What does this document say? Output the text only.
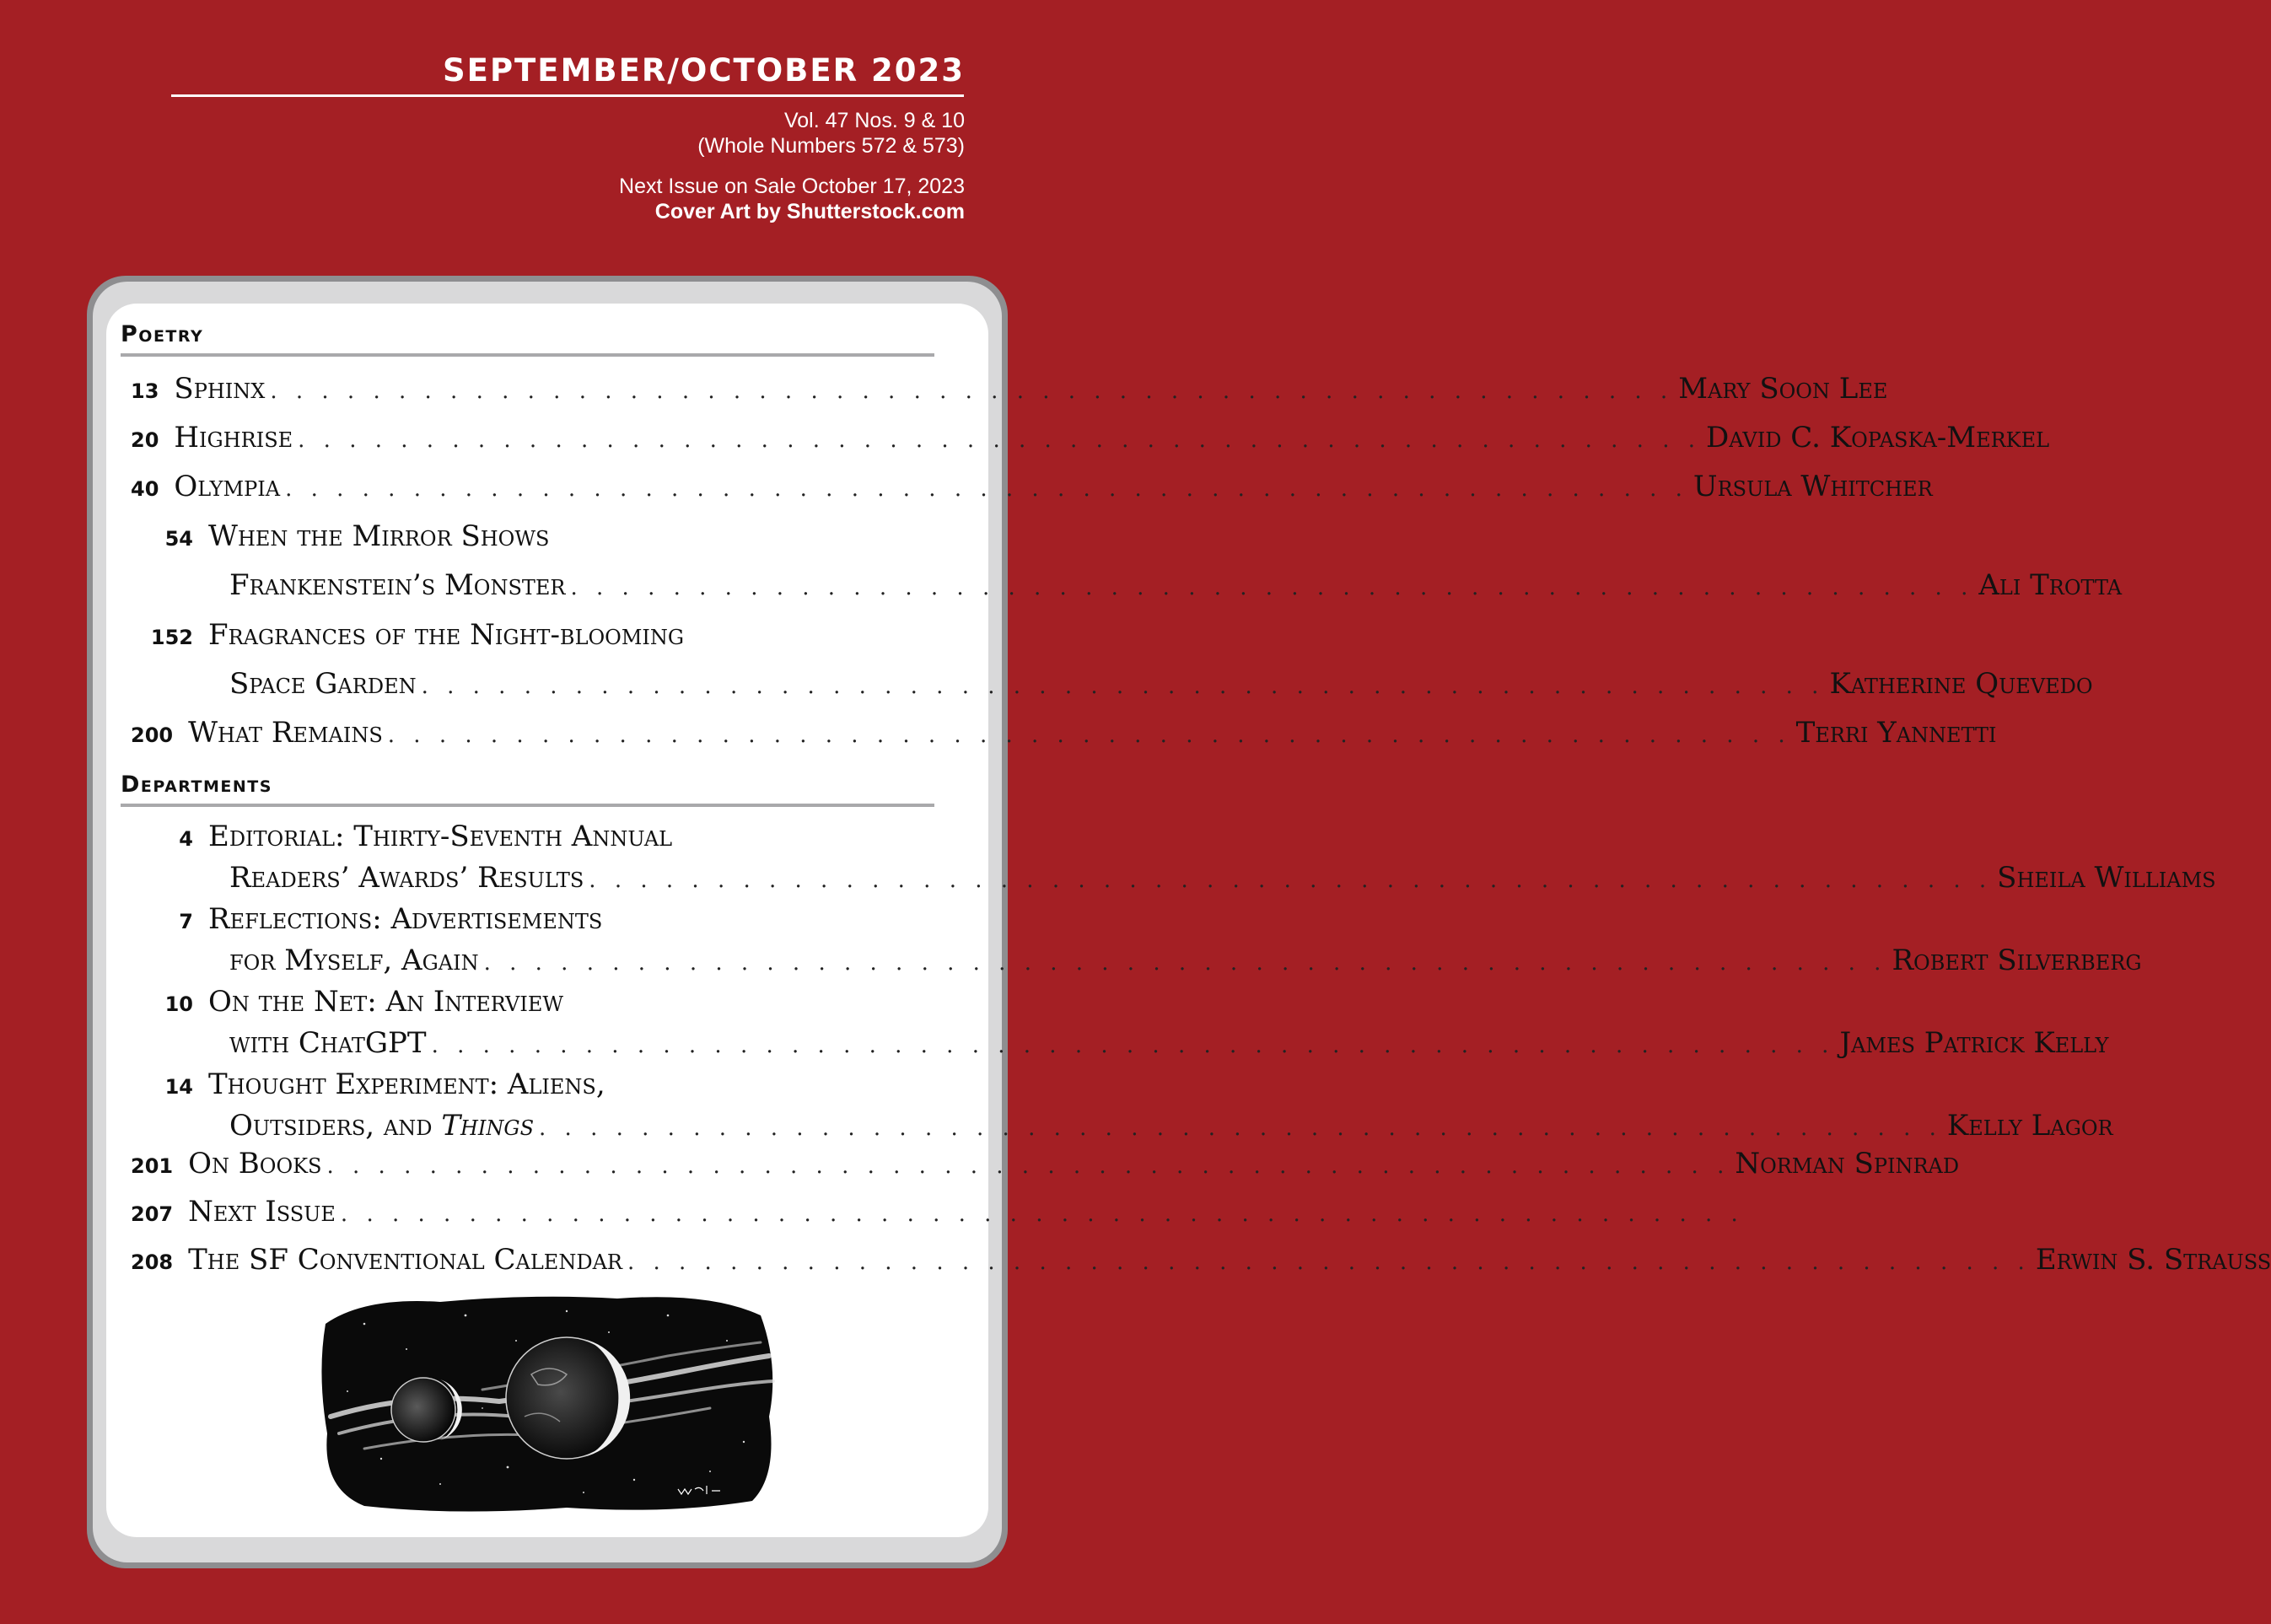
SEPTEMBER/OCTOBER 2023
Vol. 47 Nos. 9 & 10
(Whole Numbers 572 & 573)
Next Issue on Sale October 17, 2023
Cover Art by Shutterstock.com
Poetry
13 Sphinx . . . . . . . . . . . . . . . . . . . . . . . . . . . . . . . . . . . . . . . . . . . . . . . . . . . . . . . Mary Soon Lee
20 Highrise . . . . . . . . . . . . . . . . . . . . . . . . . . . . . . . . . . . . . . . . . . . . . . . . . . . . . . . David C. Kopaska-Merkel
40 Olympia . . . . . . . . . . . . . . . . . . . . . . . . . . . . . . . . . . . . . . . . . . . . . . . . . . . . . . . Ursula Whitcher
54 When the Mirror Shows
Frankenstein’s Monster . . . . . . . . . . . . . . . . . . . . . . . . . . . . . . . . . . . . . . . . . . . . . . . . . . . . . . . Ali Trotta
152 Fragrances of the Night-blooming
Space Garden . . . . . . . . . . . . . . . . . . . . . . . . . . . . . . . . . . . . . . . . . . . . . . . . . . . . . . . Katherine Quevedo
200 What Remains . . . . . . . . . . . . . . . . . . . . . . . . . . . . . . . . . . . . . . . . . . . . . . . . . . . . . . . Terri Yannetti
Departments
4 Editorial: Thirty-Seventh Annual
Readers’ Awards’ Results . . . . . . . . . . . . . . . . . . . . . . . . . . . . . . . . . . . . . . . . . . . . . . . . . . . . . . . Sheila Williams
7 Reflections: Advertisements
for Myself, Again . . . . . . . . . . . . . . . . . . . . . . . . . . . . . . . . . . . . . . . . . . . . . . . . . . . . . . . Robert Silverberg
10 On the Net: An Interview
with ChatGPT . . . . . . . . . . . . . . . . . . . . . . . . . . . . . . . . . . . . . . . . . . . . . . . . . . . . . . . James Patrick Kelly
14 Thought Experiment: Aliens,
Outsiders, and Things . . . . . . . . . . . . . . . . . . . . . . . . . . . . . . . . . . . . . . . . . . . . . . . . . . . . . . . Kelly Lagor
201 On Books . . . . . . . . . . . . . . . . . . . . . . . . . . . . . . . . . . . . . . . . . . . . . . . . . . . . . . . Norman Spinrad
207 Next Issue . . . . . . . . . . . . . . . . . . . . . . . . . . . . . . . . . . . . . . . . . . . . . . . . . . . . . . .
208 The SF Conventional Calendar . . . . . . . . . . . . . . . . . . . . . . . . . . . . . . . . . . . . . . . . . . . . . . . . . . . . . . . Erwin S. Strauss
